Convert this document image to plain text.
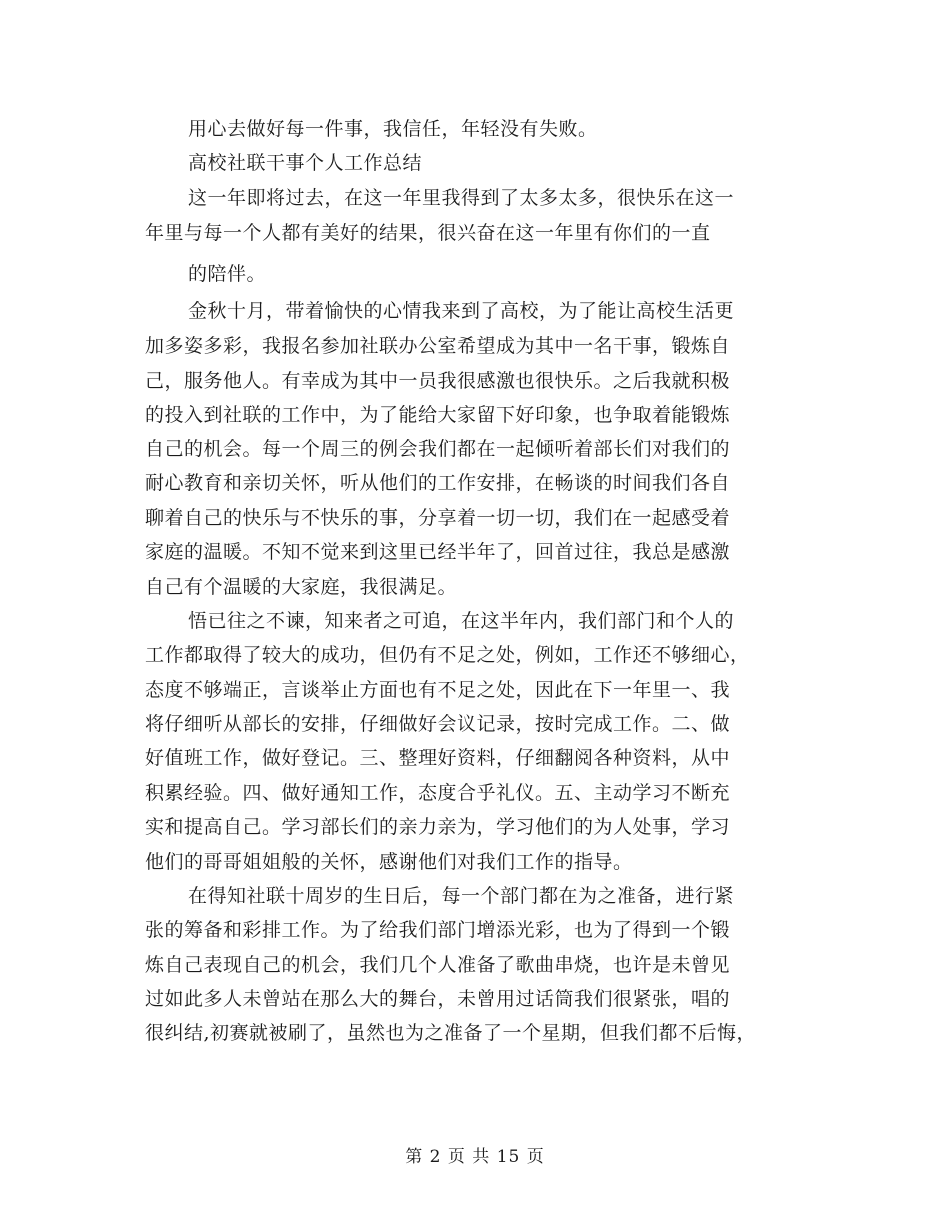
用心去做好每一件事，我信任，年轻没有失败。
高校社联干事个人工作总结
这一年即将过去，在这一年里我得到了太多太多，很快乐在这一
年里与每一个人都有美好的结果，很兴奋在这一年里有你们的一直
的陪伴。
金秋十月，带着愉快的心情我来到了高校，为了能让高校生活更
加多姿多彩，我报名参加社联办公室希望成为其中一名干事，锻炼自
己，服务他人。有幸成为其中一员我很感激也很快乐。之后我就积极
的投入到社联的工作中，为了能给大家留下好印象，也争取着能锻炼
自己的机会。每一个周三的例会我们都在一起倾听着部长们对我们的
耐心教育和亲切关怀，听从他们的工作安排，在畅谈的时间我们各自
聊着自己的快乐与不快乐的事，分享着一切一切，我们在一起感受着
家庭的温暖。不知不觉来到这里已经半年了，回首过往，我总是感激
自己有个温暖的大家庭，我很满足。
悟已往之不谏，知来者之可追，在这半年内，我们部门和个人的
工作都取得了较大的成功，但仍有不足之处，例如，工作还不够细心，
态度不够端正，言谈举止方面也有不足之处，因此在下一年里一、我
将仔细听从部长的安排，仔细做好会议记录，按时完成工作。二、做
好值班工作，做好登记。三、整理好资料，仔细翻阅各种资料，从中
积累经验。四、做好通知工作，态度合乎礼仪。五、主动学习不断充
实和提高自己。学习部长们的亲力亲为，学习他们的为人处事，学习
他们的哥哥姐姐般的关怀，感谢他们对我们工作的指导。
在得知社联十周岁的生日后，每一个部门都在为之准备，进行紧
张的筹备和彩排工作。为了给我们部门增添光彩，也为了得到一个锻
炼自己表现自己的机会，我们几个人准备了歌曲串烧，也许是未曾见
过如此多人未曾站在那么大的舞台，未曾用过话筒我们很紧张，唱的
很纠结,初赛就被刷了，虽然也为之准备了一个星期，但我们都不后悔，
第 2 页 共 15 页
